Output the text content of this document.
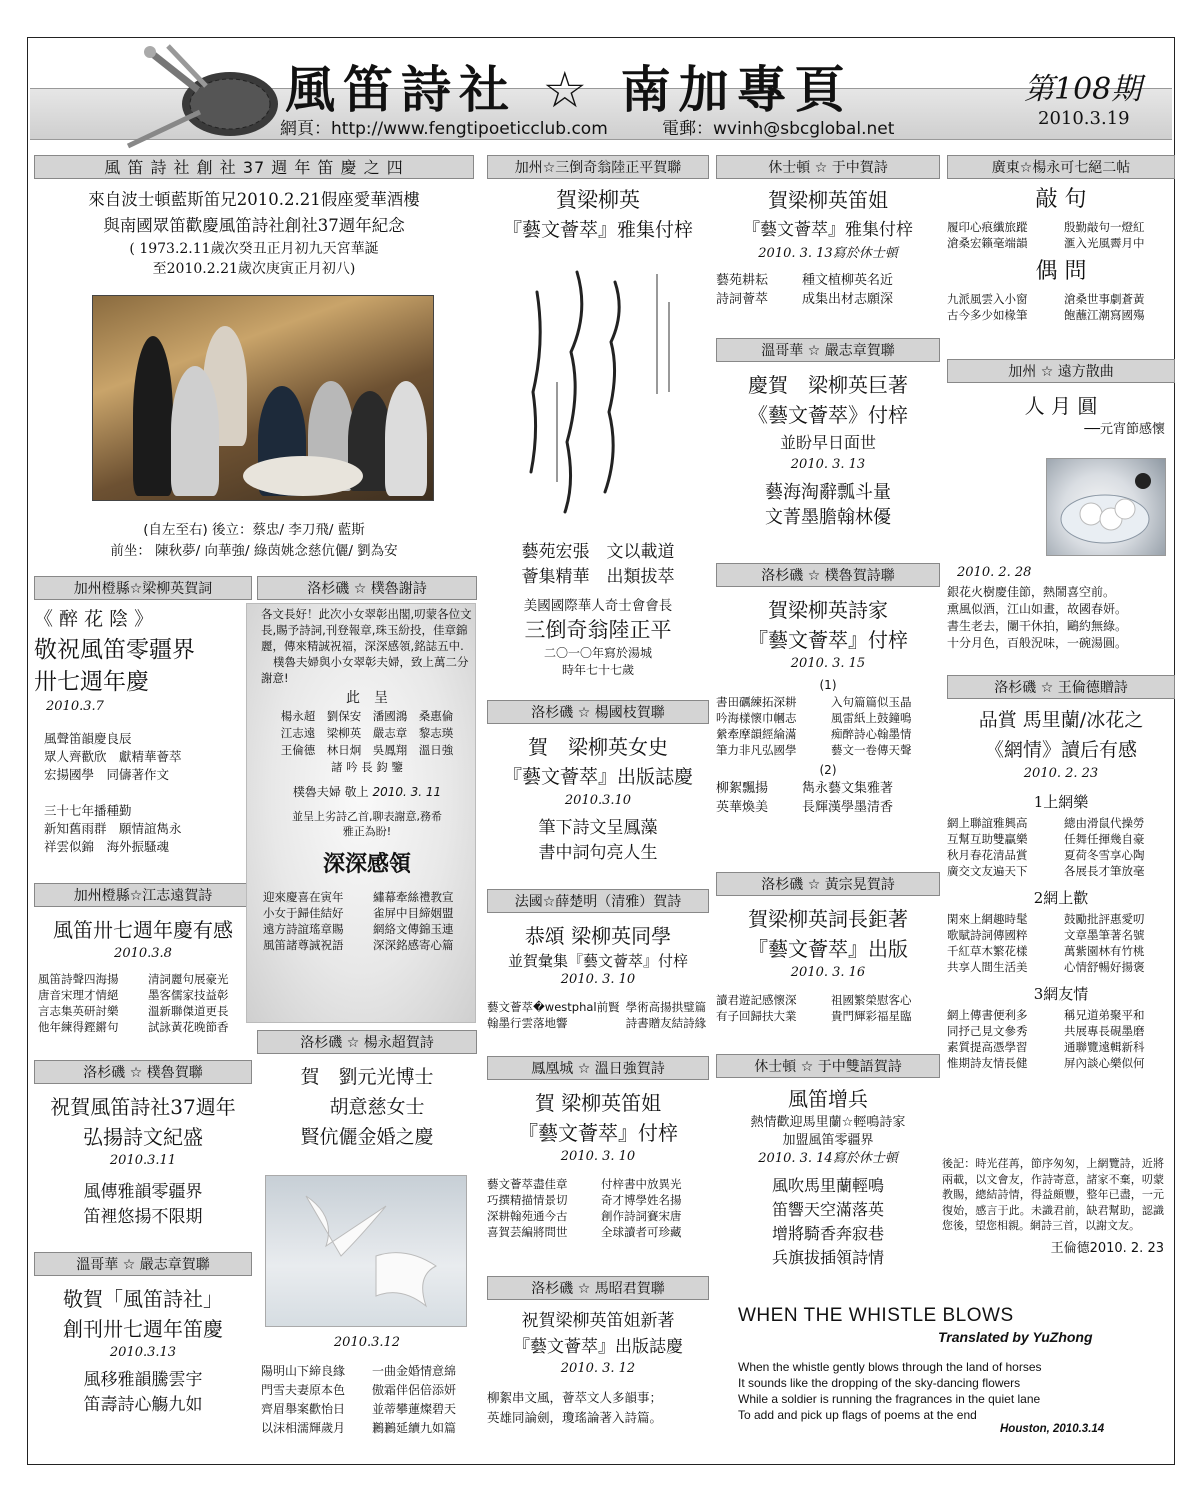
風笛詩社 ☆ 南加專頁
網頁：http://www.fengtipoeticclub.com	電郵：wvinh@sbcglobal.net
第108期
2010.3.19
風 笛 詩 社 創 社 37 週 年 笛 慶 之 四
來自波士頓藍斯笛兄2010.2.21假座愛華酒樓
與南國眾笛歡慶風笛詩社創社37週年紀念
( 1973.2.11歲次癸丑正月初九天宮華誕
至2010.2.21歲次庚寅正月初八)
(自左至右) 後立：蔡忠/ 李刀飛/ 藍斯
前坐： 陳秋夢/ 向華強/ 綠茵姚念慈伉儷/ 劉為安
加州橙縣☆梁柳英賀詞
《 醉 花 陰 》
敬祝風笛零疆界
卅七週年慶
2010.3.7
風聲笛韻慶良辰
眾人齊歡欣　獻精華薈萃
宏揚國學　同儔著作文
三十七年播種勤
新知舊雨群　願情誼雋永
祥雲似錦　海外振騷魂
加州橙縣☆江志遠賀詩
風笛卅七週年慶有感
2010.3.8
風笛詩聲四海揚	清詞麗句展豪光
唐音宋理才情絕	墨客儒家技益彰
言志集英研討樂	溫新聯傑道更長
他年練得鏗鏘句	試詠黃花晚節香
洛杉磯 ☆ 樸魯賀聯
祝賀風笛詩社37週年
弘揚詩文紀盛
2010.3.11
風傳雅韻零疆界
笛裡悠揚不限期
溫哥華 ☆ 嚴志章賀聯
敬賀「風笛詩社」
創刊卅七週年笛慶
2010.3.13
風移雅韻騰雲宇
笛壽詩心觴九如
洛杉磯 ☆ 樸魯謝詩
各文長好！此次小女翠彰出閣,叨蒙各位文長,賜予詩詞,刊登報章,珠玉紛投，佳章錦麗，傳來精誠祝福，深深感領,銘誌五中.
樸魯夫婦與小女翠彰夫婦，致上萬二分謝意!
此　呈
楊永超　劉保安　潘國鴻　桑惠倫
江志遠　梁柳英　嚴志章　黎志瑛
王倫德　林日炯　吳鳳翔　溫日強
諸 吟 長 鈞 鑒
樸魯夫婦 敬上 2010. 3. 11
並呈上劣詩乙首,聊表謝意,務希雅正為盼!
深深感領
迎來慶喜在寅年	繡幕牽絲禮教宣
小女于歸佳結好	雀屏中目締姻盟
遠方詩誼瑤章賜	網絡文傳錦玉連
風笛諸尊誠祝語	深深銘感寄心篇
洛杉磯 ☆ 楊永超賀詩
賀　劉元光博士
胡意慈女士
賢伉儷金婚之慶
2010.3.12
陽明山下締良緣	一曲金婚情意綿
門雪夫妻原本色	傲霜伴侶倍添妍
齊眉舉案歡怡日	並蒂攀蓮燦碧天
以沫相濡輝歲月	鶼鶼延續九如篇
加州☆三倒奇翁陸正平賀聯
賀梁柳英
『藝文薈萃』雅集付梓
藝苑宏張　文以載道
薈集精華　出類拔萃
美國國際華人奇士會會長
三倒奇翁陸正平
二〇一〇年寫於湯城
時年七十七歲
洛杉磯 ☆ 楊國枝賀聯
賀　梁柳英女史
『藝文薈萃』出版誌慶
2010.3.10
筆下詩文呈鳳藻
書中詞句亮人生
法國☆薛楚明（清雅）賀詩
恭頌 梁柳英同學
並賀彙集『藝文薈萃』付梓
2010. 3. 10
藝文薈萃�westphal前賢 學術高揚拱璧篇
翰墨行雲落地響	詩書贈友結詩緣
鳳凰城 ☆ 溫日強賀詩
賀 梁柳英笛姐
『藝文薈萃』付梓
2010. 3. 10
藝文薈萃盡佳章	付梓書中放異光
巧撰精描情景切	奇才博學姓名揚
深耕翰苑通今古	創作詩詞賽宋唐
喜賀芸編將問世	全球讀者可珍藏
洛杉磯 ☆ 馬昭君賀聯
祝賀梁柳英笛姐新著
『藝文薈萃』出版誌慶
2010. 3. 12
柳絮串文風，薈萃文人多韻事；
英雄同論劍，瓊瑤論著入詩篇。
休士頓 ☆ 于中賀詩
賀梁柳英笛姐
『藝文薈萃』雅集付梓
2010. 3. 13寫於休士頓
藝苑耕耘	種文植柳英名近
詩詞薈萃	成集出材志願深
溫哥華 ☆ 嚴志章賀聯
慶賀　梁柳英巨著
《藝文薈萃》付梓
並盼早日面世
2010. 3. 13
藝海淘辭瓢斗量
文菁墨膽翰林優
洛杉磯 ☆ 樸魯賀詩聯
賀梁柳英詩家
『藝文薈萃』付梓
2010. 3. 15
(1)
書田礪練拓深耕	入句篇篇似玉晶
吟海樣懷巾幗志	風雷紙上鼓鐘鳴
縈牽摩韻經綸滿	痴醉詩心翰墨情
筆力非凡弘國學	藝文一卷傳天聲
(2)
柳絮飄揚	雋永藝文集雅著
英華煥美	長輝漢學墨清香
洛杉磯 ☆ 黃宗晃賀詩
賀梁柳英詞長鉅著
『藝文薈萃』出版
2010. 3. 16
讀君遊記感懷深	祖國繁榮慰客心
有子回歸扶大業	貴門輝彩福星臨
休士頓 ☆ 于中雙語賀詩
風笛增兵
熱情歡迎馬里蘭☆輕鳴詩家
加盟風笛零疆界
2010. 3. 14寫於休士頓
風吹馬里蘭輕鳴
笛響天空滿落英
增將騎香奔寂巷
兵旗拔插領詩情
廣東☆楊永可七絕二帖
敲 句
履印心痕纖旅蹤	殷勤敲句一燈紅
滄桑宏籟毫端韻	滙入光風霽月中
偶 問
九派風雲入小窗	滄桑世事劇蒼黃
古今多少如椽筆	飽蘸江潮寫國殤
加州 ☆ 遠方散曲
人 月 圓
──元宵節感懷
2010. 2. 28
銀花火樹慶佳節，熱鬧喜空前。
熏風似酒，江山如畫，故國春妍。
書生老去，闌干休拍，鷗約無綠。
十分月色，百般況味，一碗湯圓。
洛杉磯 ☆ 王倫德贈詩
品賞 馬里蘭/冰花之
《網情》讀后有感
2010. 2. 23
1上網樂
網上聯誼雅興高	總由滑鼠代操勞
互幫互助雙贏樂	任舞任揮幾自豪
秋月春花清品賞	夏荷冬雪享心陶
廣交文友遍天下	各展長才筆放毫
2網上歡
閑來上網趣時髦	鼓勵批評惠愛叨
歌賦詩詞傳國粹	文章墨筆著名號
千紅草木繁花樣	萬紫園林有竹桃
共享人間生活美	心情舒暢好揚褒
3網友情
網上傳書便利多	稱兄道弟聚平和
同抒己見文參秀	共展專長硯墨磨
素質提高憑學習	通聯覽遠輯新科
惟期詩友情長健	屏內談心樂似何
後記：時光荏苒，節序匆匆，上網覽詩，近將兩載，以文會友，作詩寄意，諸家不棄，叨蒙教賜，總結詩情，得益頗豐，整年已盡，一元復始，感言于此。未識君前，缺君幫助，認識您後，望您相親。網詩三首，以謝文友。
王倫德2010. 2. 23
WHEN THE WHISTLE BLOWS
Translated by YuZhong
When the whistle gently blows through the land of horses
It sounds like the dropping of the sky-dancing flowers
While a soldier is running the fragrances in the quiet lane
To add and pick up flags of poems at the end
Houston, 2010.3.14
